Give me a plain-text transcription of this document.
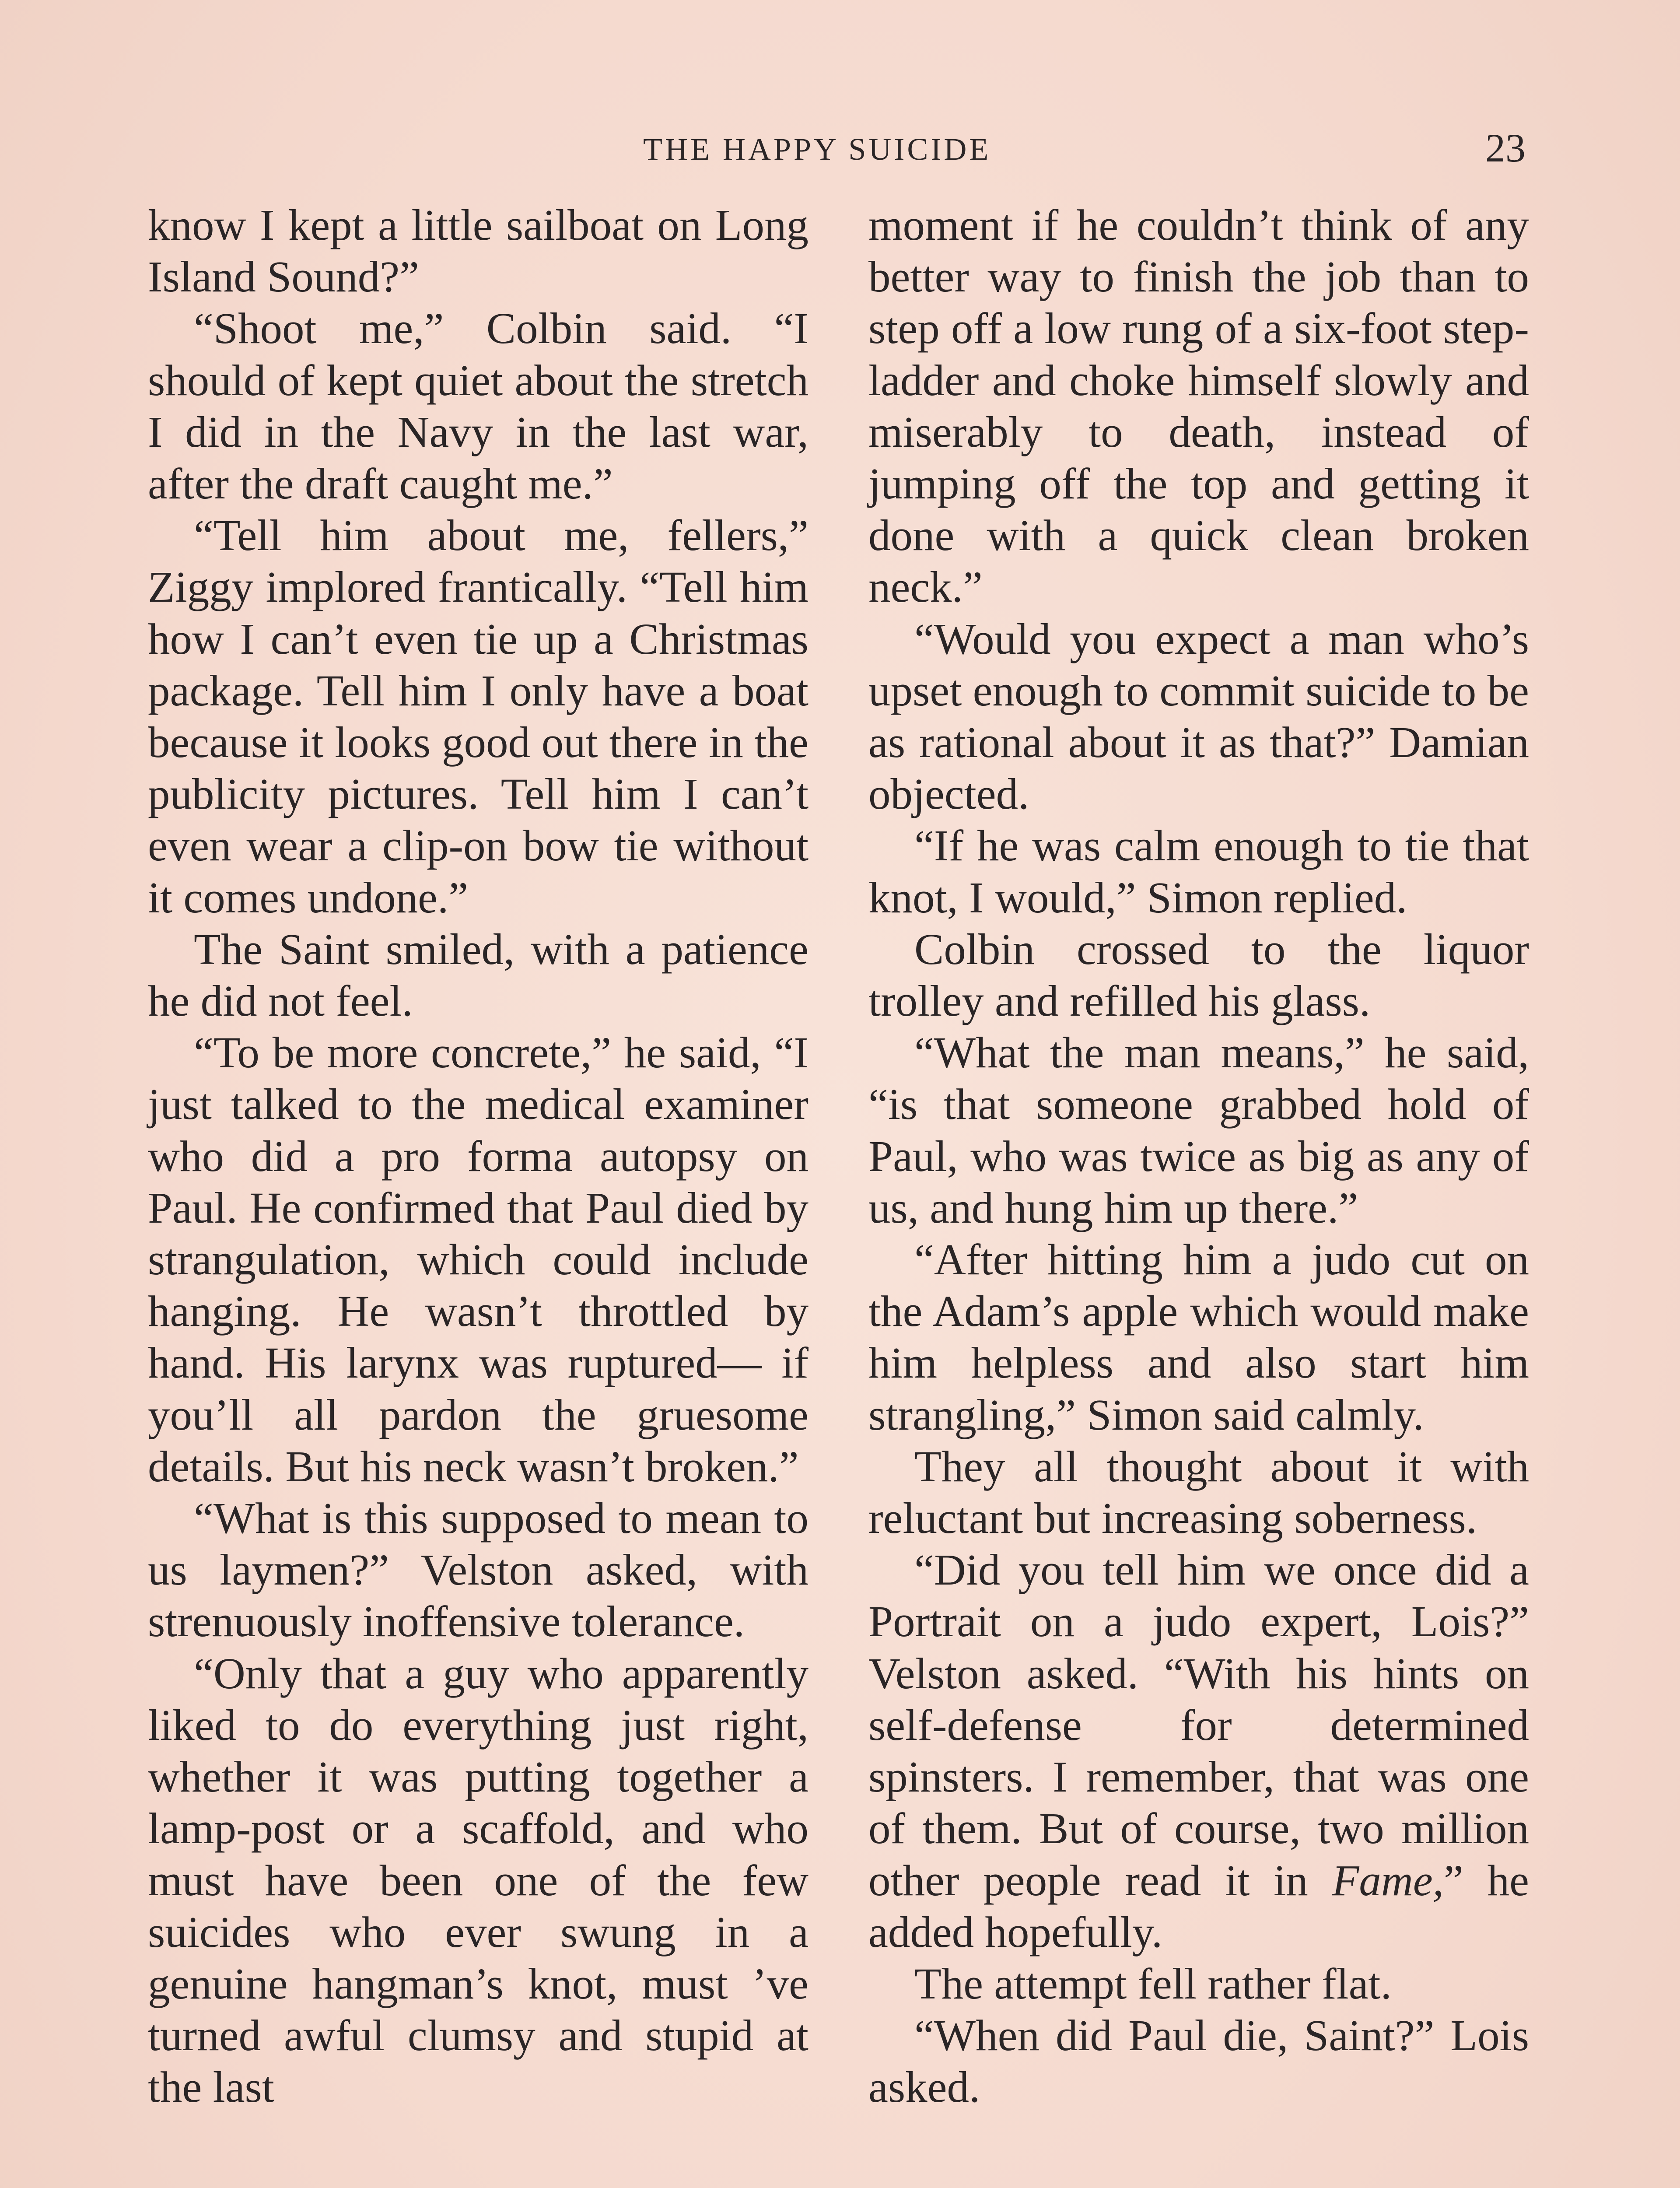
THE HAPPY SUICIDE	23

know I kept a little sailboat on Long Island Sound?”

“Shoot me,” Colbin said. “I should of kept quiet about the stretch I did in the Navy in the last war, after the draft caught me.”

“Tell him about me, fellers,” Ziggy implored frantically. “Tell him how I can’t even tie up a Christmas package. Tell him I only have a boat because it looks good out there in the publicity pictures. Tell him I can’t even wear a clip-on bow tie without it comes undone.”

The Saint smiled, with a patience he did not feel.

“To be more concrete,” he said, “I just talked to the medical examiner who did a pro forma autopsy on Paul. He confirmed that Paul died by strangulation, which could include hanging. He wasn’t throttled by hand. His larynx was ruptured— if you’ll all pardon the gruesome details. But his neck wasn’t broken.”

“What is this supposed to mean to us laymen?” Velston asked, with strenuously inoffensive tolerance.

“Only that a guy who apparently liked to do everything just right, whether it was putting together a lamp-post or a scaffold, and who must have been one of the few suicides who ever swung in a genuine hangman’s knot, must ’ve turned awful clumsy and stupid at the last

moment if he couldn’t think of any better way to finish the job than to step off a low rung of a six-foot step-ladder and choke himself slowly and miserably to death, instead of jumping off the top and getting it done with a quick clean broken neck.”

“Would you expect a man who’s upset enough to commit suicide to be as rational about it as that?” Damian objected.

“If he was calm enough to tie that knot, I would,” Simon replied.

Colbin crossed to the liquor trolley and refilled his glass.

“What the man means,” he said, “is that someone grabbed hold of Paul, who was twice as big as any of us, and hung him up there.”

“After hitting him a judo cut on the Adam’s apple which would make him helpless and also start him strangling,” Simon said calmly.

They all thought about it with reluctant but increasing soberness.

“Did you tell him we once did a Portrait on a judo expert, Lois?” Velston asked. “With his hints on self-defense for determined spinsters. I remember, that was one of them. But of course, two million other people read it in Fame,” he added hopefully.

The attempt fell rather flat.

“When did Paul die, Saint?” Lois asked.
